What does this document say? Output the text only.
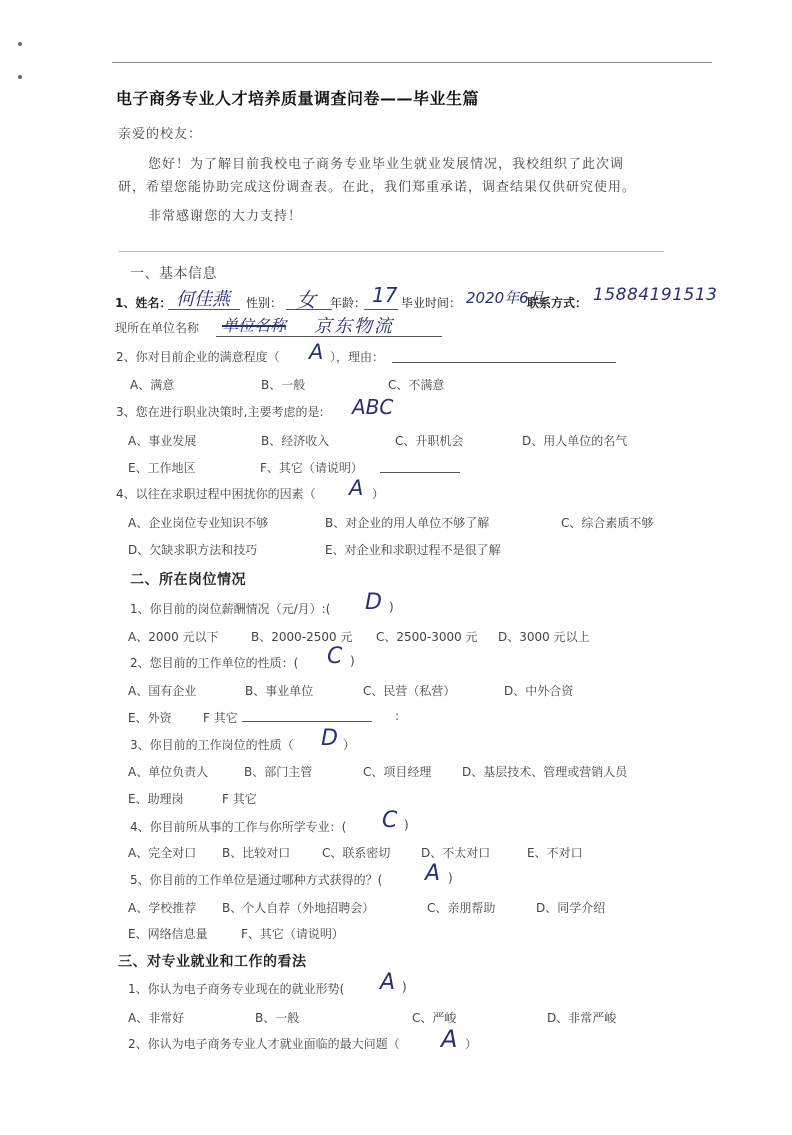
电子商务专业人才培养质量调查问卷——毕业生篇
亲爱的校友：
您好！为了解目前我校电子商务专业毕业生就业发展情况，我校组织了此次调
研，希望您能协助完成这份调查表。在此，我们郑重承诺，调查结果仅供研究使用。
非常感谢您的大力支持！
一、基本信息
1、姓名： 何佳燕 性别： 女 年龄： 17 毕业时间： 2020年6月
联系方式： 15884191513
现所在单位名称 单位名称 京东物流
2、你对目前企业的满意程度（ A ），理由：
A、满意	B、一般	C、不满意
3、您在进行职业决策时,主要考虑的是: ABC
A、事业发展	B、经济收入	C、升职机会	D、用人单位的名气
E、工作地区	F、其它（请说明）
4、以往在求职过程中困扰你的因素（ A ）
A、企业岗位专业知识不够	B、对企业的用人单位不够了解	C、综合素质不够
D、欠缺求职方法和技巧	E、对企业和求职过程不是很了解
二、所在岗位情况
1、你目前的岗位薪酬情况（元/月）:( D )
A、2000 元以下	B、2000-2500 元 C、2500-3000 元 D、3000 元以上
2、您目前的工作单位的性质：( C )
A、国有企业	B、事业单位	C、民营（私营）	D、中外合资
E、外资	F 其它	:
3、你目前的工作岗位的性质（ D ）
A、单位负责人	B、部门主管	C、项目经理	D、基层技术、管理或营销人员
E、助理岗	F 其它
4、你目前所从事的工作与你所学专业：( C )
A、完全对口 B、比较对口	C、联系密切	D、不太对口	E、不对口
5、你目前的工作单位是通过哪种方式获得的？( A )
A、学校推荐 B、个人自荐（外地招聘会）	C、亲朋帮助	D、同学介绍
E、网络信息量	F、其它（请说明）
三、对专业就业和工作的看法
1、你认为电子商务专业现在的就业形势( A )
A、非常好	B、一般	C、严峻	D、非常严峻
2、你认为电子商务专业人才就业面临的最大问题（ A ）
